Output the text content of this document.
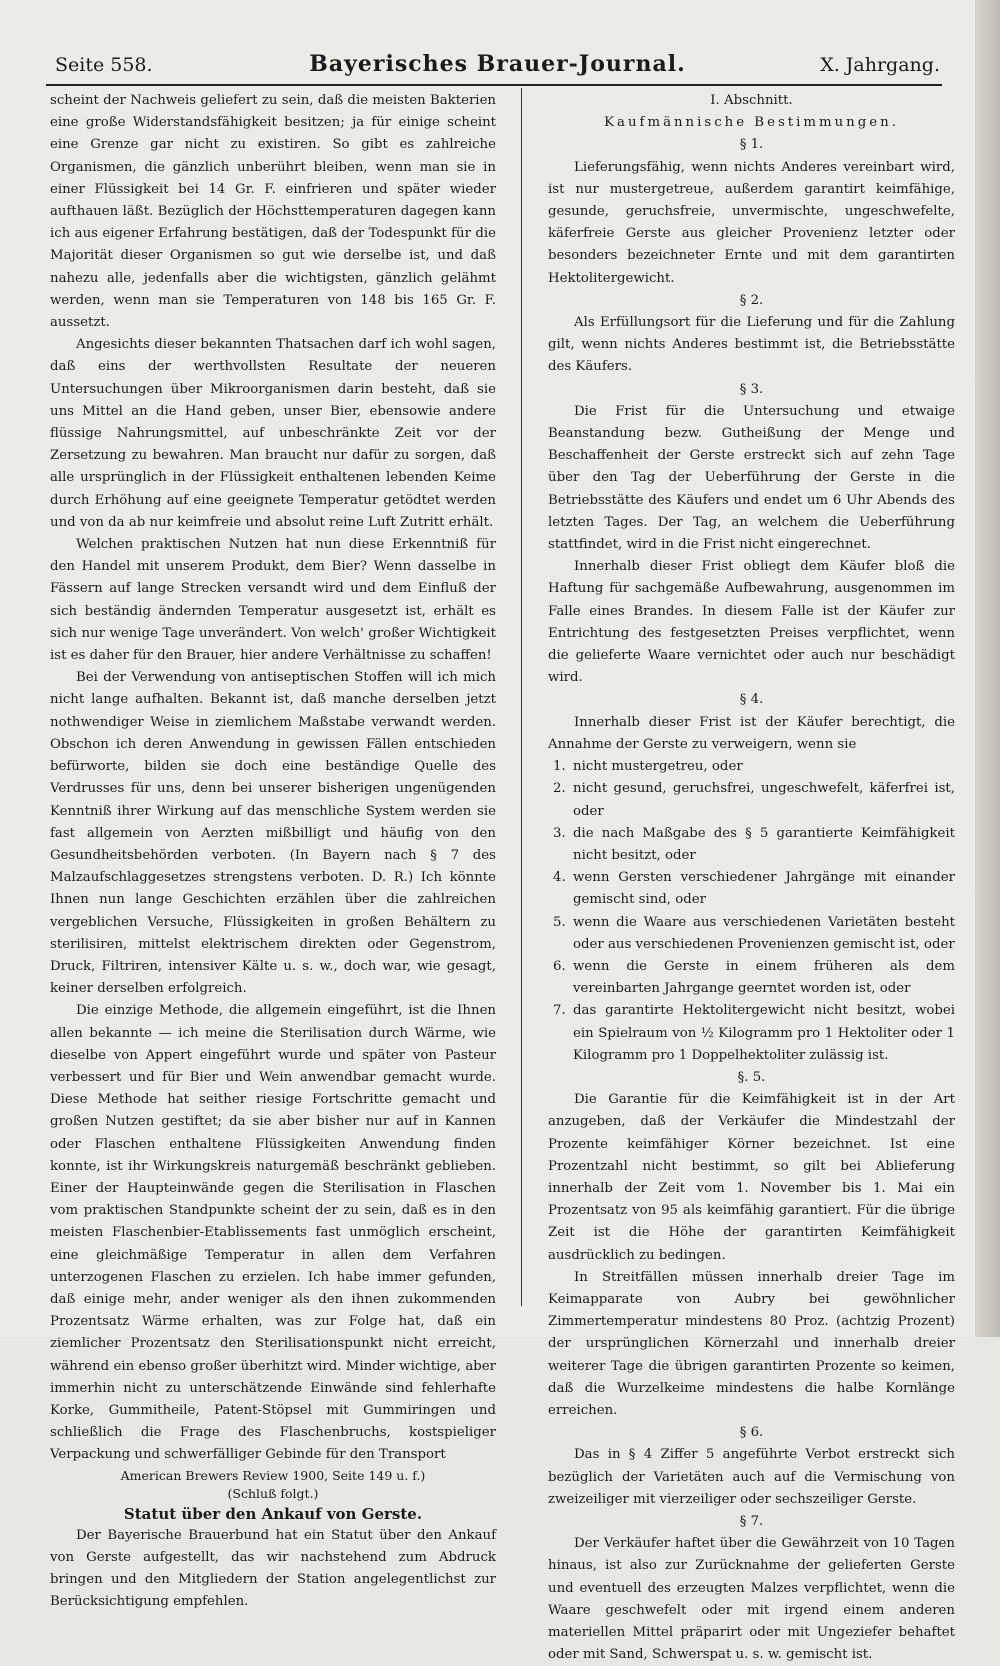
Seite 558.	Bayerisches Brauer-Journal.	X. Jahrgang.

scheint der Nachweis geliefert zu sein, daß die meisten Bakterien eine große Widerstandsfähigkeit besitzen; ja für einige scheint eine Grenze gar nicht zu existiren. So gibt es zahlreiche Organismen, die gänzlich unberührt bleiben, wenn man sie in einer Flüssigkeit bei 14 Gr. F. einfrieren und später wieder aufthauen läßt. Bezüglich der Höchsttemperaturen dagegen kann ich aus eigener Erfahrung bestätigen, daß der Todespunkt für die Majorität dieser Organismen so gut wie derselbe ist, und daß nahezu alle, jedenfalls aber die wichtigsten, gänzlich gelähmt werden, wenn man sie Temperaturen von 148 bis 165 Gr. F. aussetzt.

Angesichts dieser bekannten Thatsachen darf ich wohl sagen, daß eins der werthvollsten Resultate der neueren Untersuchungen über Mikroorganismen darin besteht, daß sie uns Mittel an die Hand geben, unser Bier, ebensowie andere flüssige Nahrungsmittel, auf unbeschränkte Zeit vor der Zersetzung zu bewahren. Man braucht nur dafür zu sorgen, daß alle ursprünglich in der Flüssigkeit enthaltenen lebenden Keime durch Erhöhung auf eine geeignete Temperatur getödtet werden und von da ab nur keimfreie und absolut reine Luft Zutritt erhält.

Welchen praktischen Nutzen hat nun diese Erkenntniß für den Handel mit unserem Produkt, dem Bier? Wenn dasselbe in Fässern auf lange Strecken versandt wird und dem Einfluß der sich beständig ändernden Temperatur ausgesetzt ist, erhält es sich nur wenige Tage unverändert. Von welch' großer Wichtigkeit ist es daher für den Brauer, hier andere Verhältnisse zu schaffen!

Bei der Verwendung von antiseptischen Stoffen will ich mich nicht lange aufhalten. Bekannt ist, daß manche derselben jetzt nothwendiger Weise in ziemlichem Maßstabe verwandt werden. Obschon ich deren Anwendung in gewissen Fällen entschieden befürworte, bilden sie doch eine beständige Quelle des Verdrusses für uns, denn bei unserer bisherigen ungenügenden Kenntniß ihrer Wirkung auf das menschliche System werden sie fast allgemein von Aerzten mißbilligt und häufig von den Gesundheitsbehörden verboten. (In Bayern nach § 7 des Malzaufschlaggesetzes strengstens verboten. D. R.) Ich könnte Ihnen nun lange Geschichten erzählen über die zahlreichen vergeblichen Versuche, Flüssigkeiten in großen Behältern zu sterilisiren, mittelst elektrischem direkten oder Gegenstrom, Druck, Filtriren, intensiver Kälte u. s. w., doch war, wie gesagt, keiner derselben erfolgreich.

Die einzige Methode, die allgemein eingeführt, ist die Ihnen allen bekannte — ich meine die Sterilisation durch Wärme, wie dieselbe von Appert eingeführt wurde und später von Pasteur verbessert und für Bier und Wein anwendbar gemacht wurde. Diese Methode hat seither riesige Fortschritte gemacht und großen Nutzen gestiftet; da sie aber bisher nur auf in Kannen oder Flaschen enthaltene Flüssigkeiten Anwendung finden konnte, ist ihr Wirkungskreis naturgemäß beschränkt geblieben. Einer der Haupteinwände gegen die Sterilisation in Flaschen vom praktischen Standpunkte scheint der zu sein, daß es in den meisten Flaschenbier-Etablissements fast unmöglich erscheint, eine gleichmäßige Temperatur in allen dem Verfahren unterzogenen Flaschen zu erzielen. Ich habe immer gefunden, daß einige mehr, ander weniger als den ihnen zukommenden Prozentsatz Wärme erhalten, was zur Folge hat, daß ein ziemlicher Prozentsatz den Sterilisationspunkt nicht erreicht, während ein ebenso großer überhitzt wird. Minder wichtige, aber immerhin nicht zu unterschätzende Einwände sind fehlerhafte Korke, Gummitheile, Patent-Stöpsel mit Gummiringen und schließlich die Frage des Flaschenbruchs, kostspieliger Verpackung und schwerfälliger Gebinde für den Transport

American Brewers Review 1900, Seite 149 u. f.)

(Schluß folgt.)

Statut über den Ankauf von Gerste.

Der Bayerische Brauerbund hat ein Statut über den Ankauf von Gerste aufgestellt, das wir nachstehend zum Abdruck bringen und den Mitgliedern der Station angelegentlichst zur Berücksichtigung empfehlen.

I. Abschnitt.

Kaufmännische Bestimmungen.

§ 1.

Lieferungsfähig, wenn nichts Anderes vereinbart wird, ist nur mustergetreue, außerdem garantirt keimfähige, gesunde, geruchsfreie, unvermischte, ungeschwefelte, käferfreie Gerste aus gleicher Provenienz letzter oder besonders bezeichneter Ernte und mit dem garantirten Hektolitergewicht.

§ 2.

Als Erfüllungsort für die Lieferung und für die Zahlung gilt, wenn nichts Anderes bestimmt ist, die Betriebsstätte des Käufers.

§ 3.

Die Frist für die Untersuchung und etwaige Beanstandung bezw. Gutheißung der Menge und Beschaffenheit der Gerste erstreckt sich auf zehn Tage über den Tag der Ueberführung der Gerste in die Betriebsstätte des Käufers und endet um 6 Uhr Abends des letzten Tages. Der Tag, an welchem die Ueberführung stattfindet, wird in die Frist nicht eingerechnet.

Innerhalb dieser Frist obliegt dem Käufer bloß die Haftung für sachgemäße Aufbewahrung, ausgenommen im Falle eines Brandes. In diesem Falle ist der Käufer zur Entrichtung des festgesetzten Preises verpflichtet, wenn die gelieferte Waare vernichtet oder auch nur beschädigt wird.

§ 4.

Innerhalb dieser Frist ist der Käufer berechtigt, die Annahme der Gerste zu verweigern, wenn sie

1. nicht mustergetreu, oder
2. nicht gesund, geruchsfrei, ungeschwefelt, käferfrei ist, oder
3. die nach Maßgabe des § 5 garantierte Keimfähigkeit nicht besitzt, oder
4. wenn Gersten verschiedener Jahrgänge mit einander gemischt sind, oder
5. wenn die Waare aus verschiedenen Varietäten besteht oder aus verschiedenen Provenienzen gemischt ist, oder
6. wenn die Gerste in einem früheren als dem vereinbarten Jahrgange geerntet worden ist, oder
7. das garantirte Hektolitergewicht nicht besitzt, wobei ein Spielraum von ½ Kilogramm pro 1 Hektoliter oder 1 Kilogramm pro 1 Doppelhektoliter zulässig ist.

§. 5.

Die Garantie für die Keimfähigkeit ist in der Art anzugeben, daß der Verkäufer die Mindestzahl der Prozente keimfähiger Körner bezeichnet. Ist eine Prozentzahl nicht bestimmt, so gilt bei Ablieferung innerhalb der Zeit vom 1. November bis 1. Mai ein Prozentsatz von 95 als keimfähig garantiert. Für die übrige Zeit ist die Höhe der garantirten Keimfähigkeit ausdrücklich zu bedingen.

In Streitfällen müssen innerhalb dreier Tage im Keimapparate von Aubry bei gewöhnlicher Zimmertemperatur mindestens 80 Proz. (achtzig Prozent) der ursprünglichen Körnerzahl und innerhalb dreier weiterer Tage die übrigen garantirten Prozente so keimen, daß die Wurzelkeime mindestens die halbe Kornlänge erreichen.

§ 6.

Das in § 4 Ziffer 5 angeführte Verbot erstreckt sich bezüglich der Varietäten auch auf die Vermischung von zweizeiliger mit vierzeiliger oder sechszeiliger Gerste.

§ 7.

Der Verkäufer haftet über die Gewährzeit von 10 Tagen hinaus, ist also zur Zurücknahme der gelieferten Gerste und eventuell des erzeugten Malzes verpflichtet, wenn die Waare geschwefelt oder mit irgend einem anderen materiellen Mittel präparirt oder mit Ungeziefer behaftet oder mit Sand, Schwerspat u. s. w. gemischt ist.
